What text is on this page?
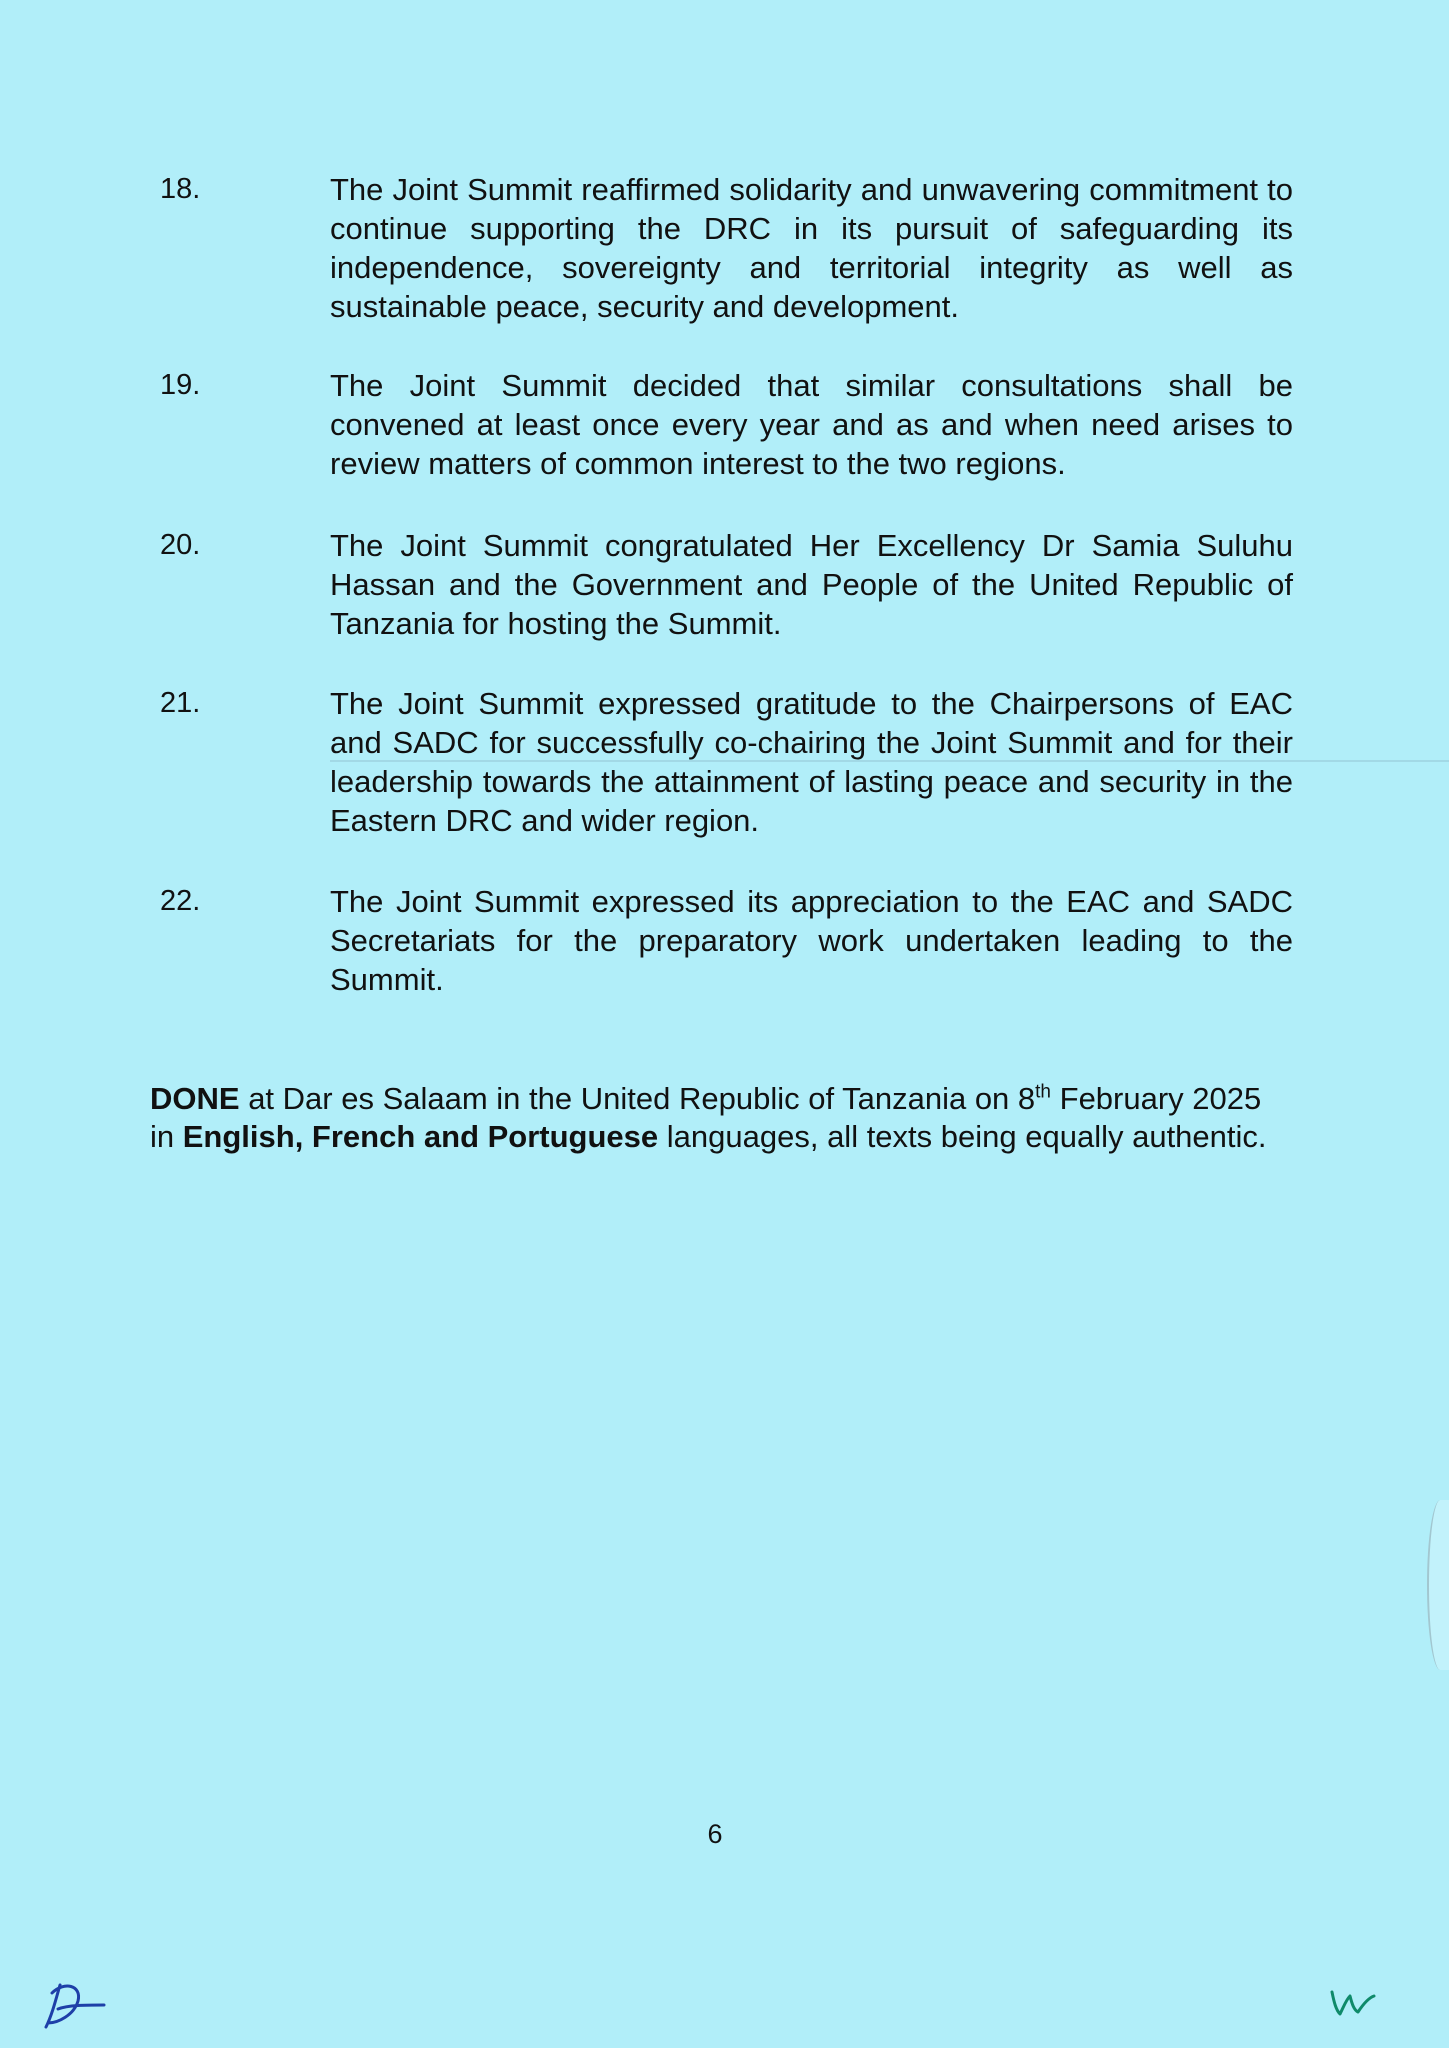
18.	The Joint Summit reaffirmed solidarity and unwavering commitment to continue supporting the DRC in its pursuit of safeguarding its independence, sovereignty and territorial integrity as well as sustainable peace, security and development.

19.	The Joint Summit decided that similar consultations shall be convened at least once every year and as and when need arises to review matters of common interest to the two regions.

20.	The Joint Summit congratulated Her Excellency Dr Samia Suluhu Hassan and the Government and People of the United Republic of Tanzania for hosting the Summit.

21.	The Joint Summit expressed gratitude to the Chairpersons of EAC and SADC for successfully co-chairing the Joint Summit and for their leadership towards the attainment of lasting peace and security in the Eastern DRC and wider region.

22.	The Joint Summit expressed its appreciation to the EAC and SADC Secretariats for the preparatory work undertaken leading to the Summit.

DONE at Dar es Salaam in the United Republic of Tanzania on 8th February 2025 in English, French and Portuguese languages, all texts being equally authentic.

6
